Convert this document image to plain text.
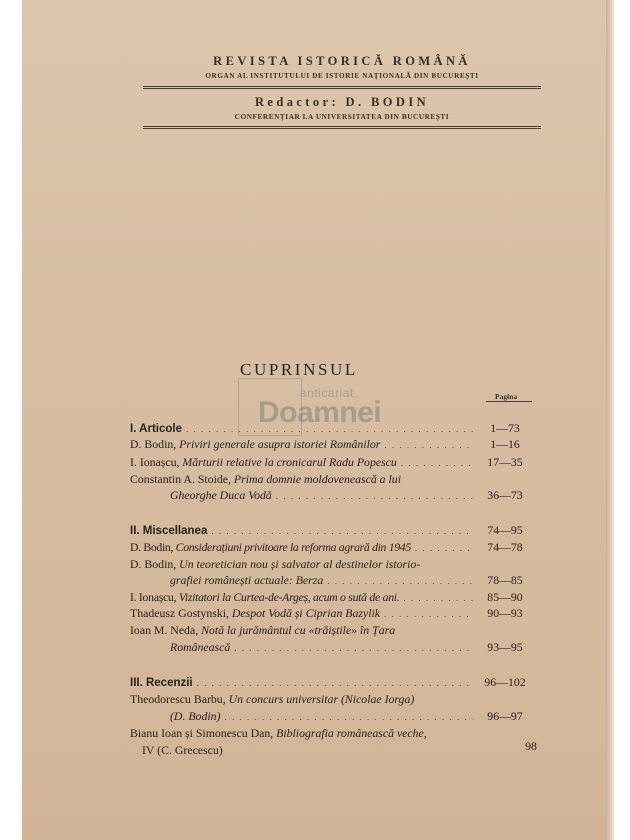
REVISTA ISTORICĂ ROMÂNĂ
ORGAN AL INSTITUTULUI DE ISTORIE NAȚIONALĂ DIN BUCUREȘTI
Redactor: D. BODIN
CONFERENȚIAR LA UNIVERSITATEA DIN BUCUREȘTI
anticariat
Doamnei
CUPRINSUL
Pagina
I. Articole . . .	1—73
D. Bodin, Priviri generale asupra istoriei Românilor . . .	1—16
I. Ionașcu, Mărturii relative la cronicarul Radu Popescu . . .	17—35
Constantin A. Stoide, Prima domnie moldovenească a lui
Gheorghe Duca Vodă . . .	36—73
II. Miscellanea . . .	74—95
D. Bodin, Considerațiuni privitoare la reforma agrară din 1945 . . .	74—78
D. Bodin, Un teoretician nou și salvator al destinelor istorio-
grafiei românești actuale: Berza . . .	78—85
I. Ionașcu, Vizitatori la Curtea-de-Argeș, acum o sută de ani. . . .	85—90
Thadeusz Gostynski, Despot Vodă și Ciprian Bazylik . . .	90—93
Ioan M. Neda, Notă la jurământul cu «trăiștile» în Țara
Românească . . .	93—95
III. Recenzii . . .	96—102
Theodorescu Barbu, Un concurs universitar (Nicolae Iorga)
(D. Bodin) . . .	96—97
Bianu Ioan și Simonescu Dan, Bibliografia românească veche,
IV (C. Grecescu)	98
